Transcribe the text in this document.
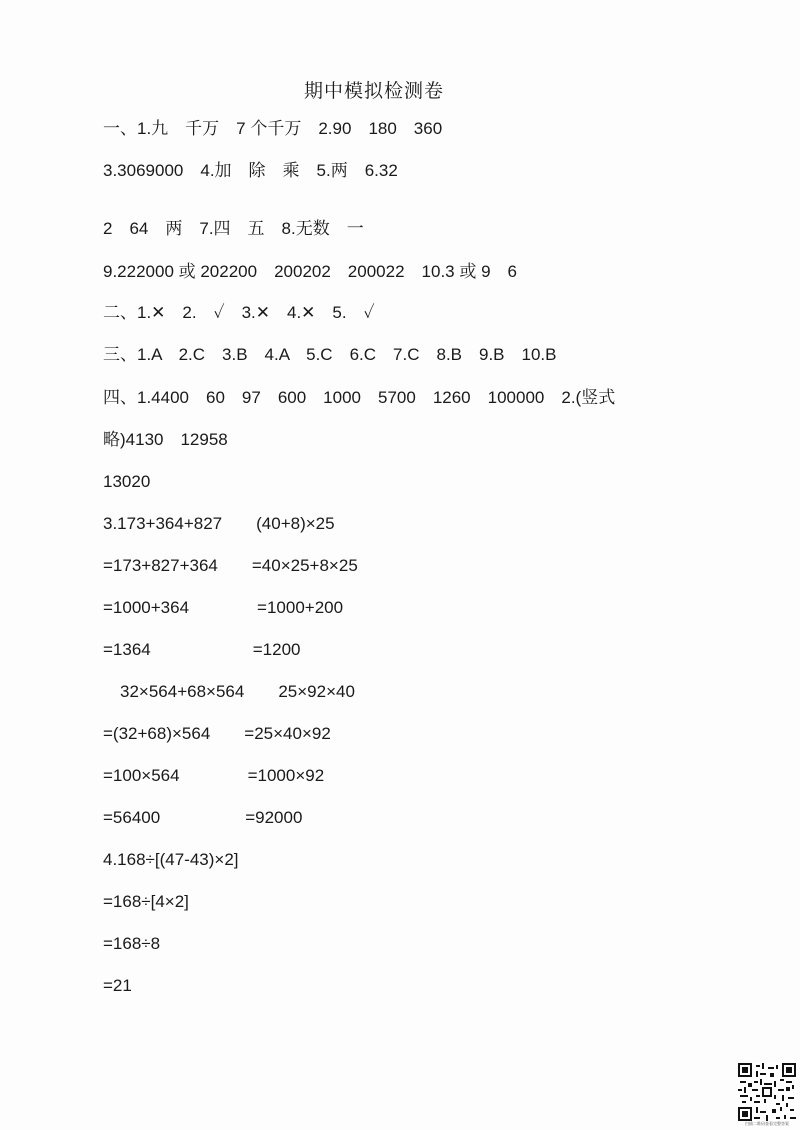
期中模拟检测卷
一、1.九　千万　7 个千万　2.90　180　360
3.3069000　4.加　除　乘　5.两　6.32
2　64　两　7.四　五　8.无数　一
9.222000 或 202200　200202　200022　10.3 或 9　6
二、1.✕　2.　✓　3.✕　4.✕　5.　✓
三、1.A　2.C　3.B　4.A　5.C　6.C　7.C　8.B　9.B　10.B
四、1.4400　60　97　600　1000　5700　1260　100000　2.(竖式
略)4130　12958
13020
3.173+364+827　　(40+8)×25
=173+827+364　　=40×25+8×25
=1000+364　　　　=1000+200
=1364　　　　　　=1200
　32×564+68×564　　25×92×40
=(32+68)×564　　=25×40×92
=100×564　　　　=1000×92
=56400　　　　　=92000
4.168÷[(47-43)×2]
=168÷[4×2]
=168÷8
=21
扫描二维码查看完整答案
